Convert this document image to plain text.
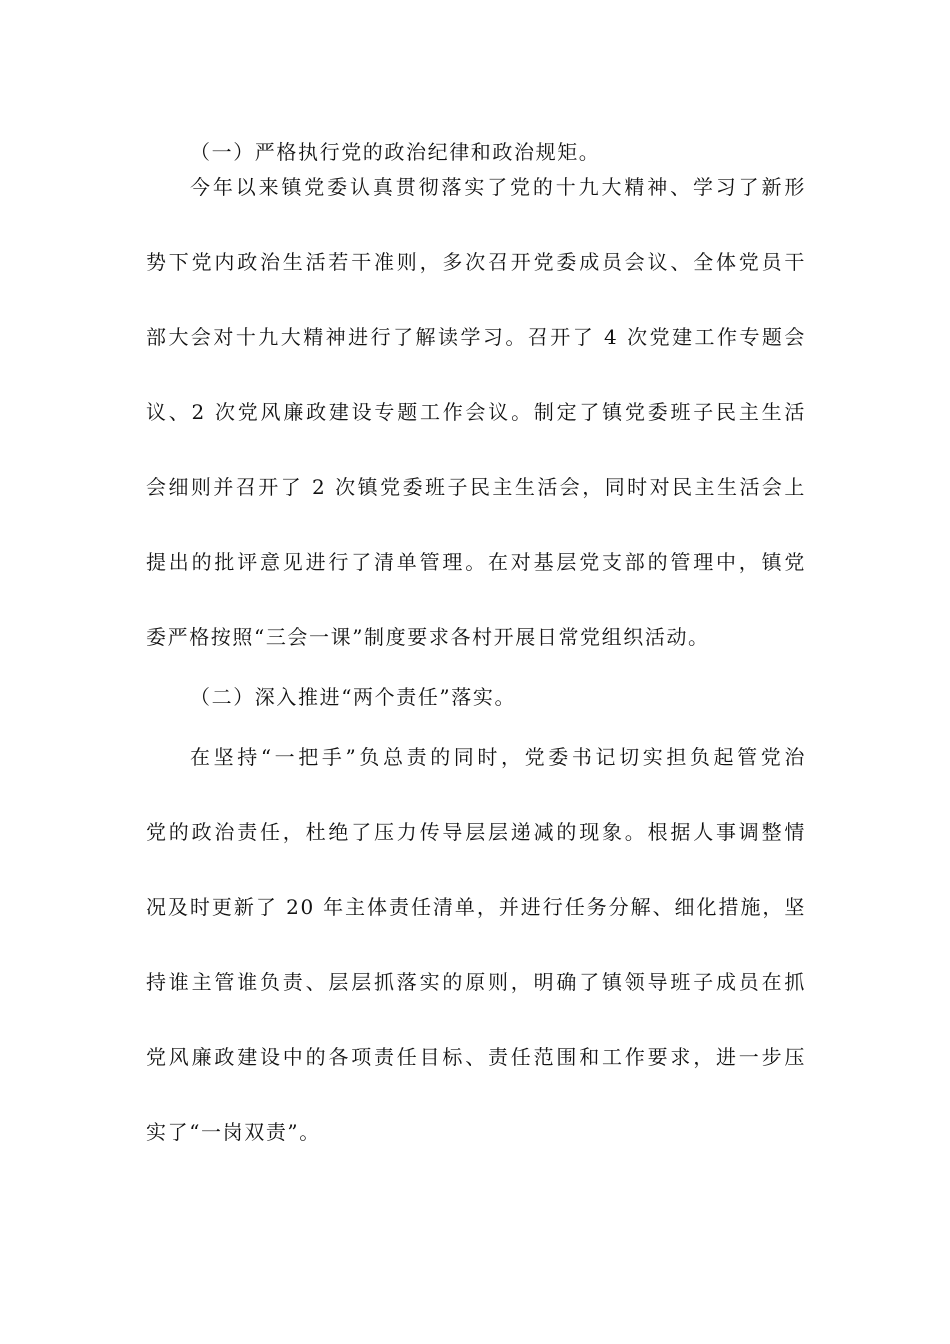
（一）严格执行党的政治纪律和政治规矩。
今年以来镇党委认真贯彻落实了党的十九大精神、学习了新形
势下党内政治生活若干准则，多次召开党委成员会议、全体党员干
部大会对十九大精神进行了解读学习。召开了 4 次党建工作专题会
议、2 次党风廉政建设专题工作会议。制定了镇党委班子民主生活
会细则并召开了 2 次镇党委班子民主生活会，同时对民主生活会上
提出的批评意见进行了清单管理。在对基层党支部的管理中，镇党
委严格按照“三会一课”制度要求各村开展日常党组织活动。
（二）深入推进“两个责任”落实。
在坚持“一把手”负总责的同时，党委书记切实担负起管党治
党的政治责任，杜绝了压力传导层层递减的现象。根据人事调整情
况及时更新了 20 年主体责任清单，并进行任务分解、细化措施，坚
持谁主管谁负责、层层抓落实的原则，明确了镇领导班子成员在抓
党风廉政建设中的各项责任目标、责任范围和工作要求，进一步压
实了“一岗双责”。
